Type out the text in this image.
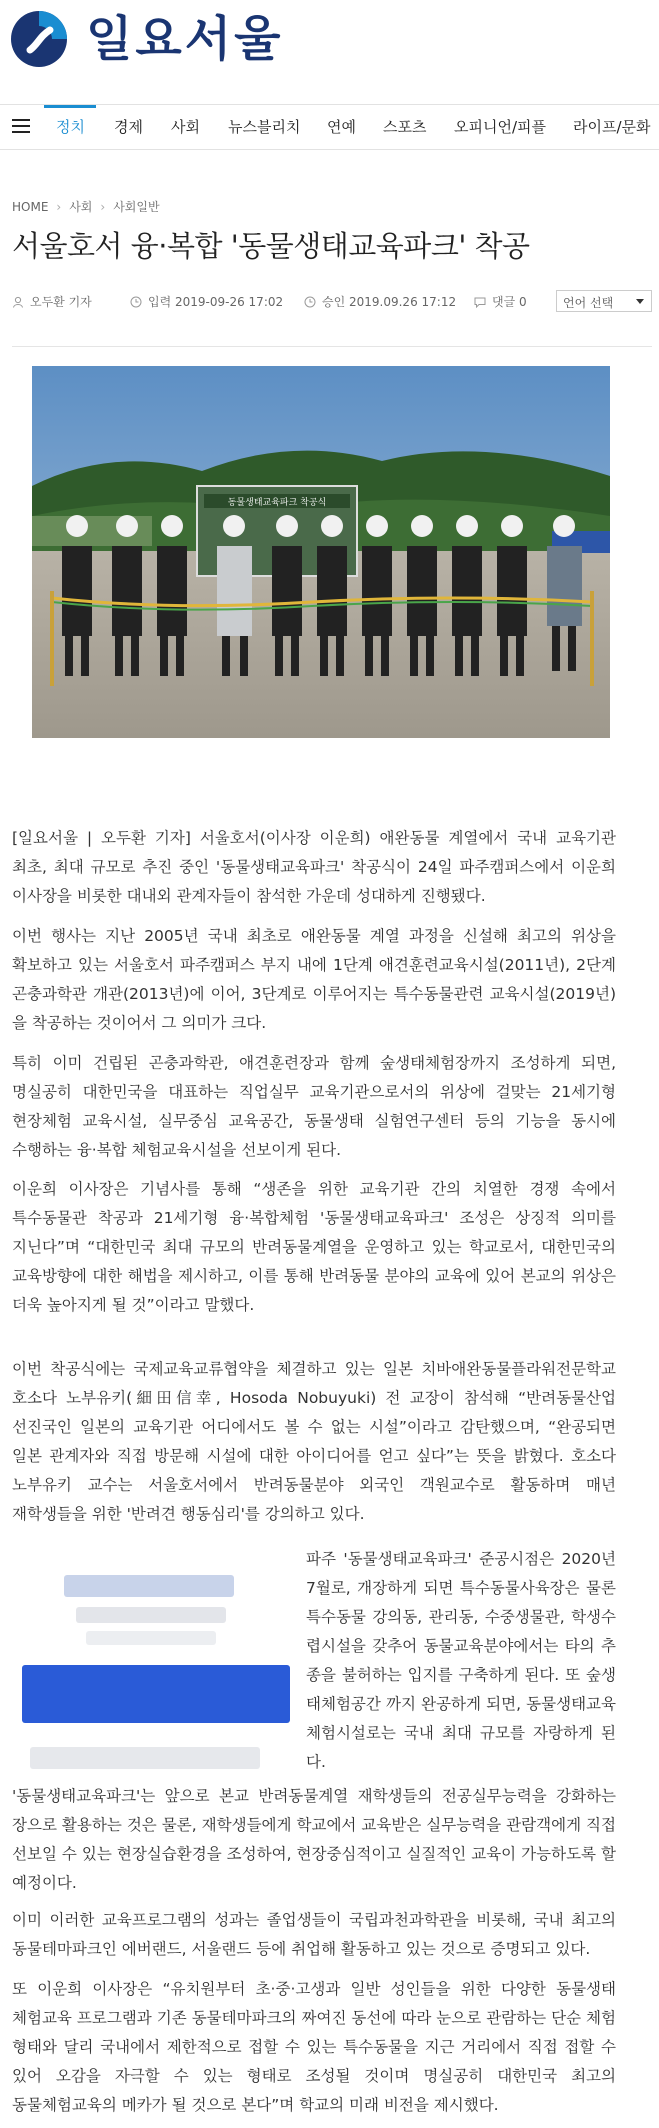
일요서울
정치 경제 사회 뉴스블리치 연예 스포츠 오피니언/피플 라이프/문화
HOME › 사회 › 사회일반
서울호서 융·복합 '동물생태교육파크' 착공
오두환 기자	입력 2019-09-26 17:02	승인 2019.09.26 17:12	댓글 0	언어 선택
동물생태교육파크 착공식

[일요서울 | 오두환 기자] 서울호서(이사장 이운희) 애완동물 계열에서 국내 교육기관 최초, 최대 규모로 추진 중인 '동물생태교육파크' 착공식이 24일 파주캠퍼스에서 이운희 이사장을 비롯한 대내외 관계자들이 참석한 가운데 성대하게 진행됐다.

이번 행사는 지난 2005년 국내 최초로 애완동물 계열 과정을 신설해 최고의 위상을 확보하고 있는 서울호서 파주캠퍼스 부지 내에 1단계 애견훈련교육시설(2011년), 2단계 곤충과학관 개관(2013년)에 이어, 3단계로 이루어지는 특수동물관련 교육시설(2019년)을 착공하는 것이어서 그 의미가 크다.

특히 이미 건립된 곤충과학관, 애견훈련장과 함께 숲생태체험장까지 조성하게 되면, 명실공히 대한민국을 대표하는 직업실무 교육기관으로서의 위상에 걸맞는 21세기형 현장체험 교육시설, 실무중심 교육공간, 동물생태 실험연구센터 등의 기능을 동시에 수행하는 융·복합 체험교육시설을 선보이게 된다.

이운희 이사장은 기념사를 통해 “생존을 위한 교육기관 간의 치열한 경쟁 속에서 특수동물관 착공과 21세기형 융·복합체험 '동물생태교육파크' 조성은 상징적 의미를 지닌다”며 “대한민국 최대 규모의 반려동물계열을 운영하고 있는 학교로서, 대한민국의 교육방향에 대한 해법을 제시하고, 이를 통해 반려동물 분야의 교육에 있어 본교의 위상은 더욱 높아지게 될 것”이라고 말했다.

이번 착공식에는 국제교육교류협약을 체결하고 있는 일본 치바애완동물플라워전문학교 호소다 노부유키(細田信幸, Hosoda Nobuyuki) 전 교장이 참석해 “반려동물산업 선진국인 일본의 교육기관 어디에서도 볼 수 없는 시설”이라고 감탄했으며, “완공되면 일본 관계자와 직접 방문해 시설에 대한 아이디어를 얻고 싶다”는 뜻을 밝혔다. 호소다 노부유키 교수는 서울호서에서 반려동물분야 외국인 객원교수로 활동하며 매년 재학생들을 위한 '반려견 행동심리'를 강의하고 있다.

파주 '동물생태교육파크' 준공시점은 2020년 7월로, 개장하게 되면 특수동물사육장은 물론 특수동물 강의동, 관리동, 수중생물관, 학생수렵시설을 갖추어 동물교육분야에서는 타의 추종을 불허하는 입지를 구축하게 된다. 또 숲생태체험공간 까지 완공하게 되면, 동물생태교육체험시설로는 국내 최대 규모를 자랑하게 된다.

'동물생태교육파크'는 앞으로 본교 반려동물계열 재학생들의 전공실무능력을 강화하는 장으로 활용하는 것은 물론, 재학생들에게 학교에서 교육받은 실무능력을 관람객에게 직접 선보일 수 있는 현장실습환경을 조성하여, 현장중심적이고 실질적인 교육이 가능하도록 할 예정이다.

이미 이러한 교육프로그램의 성과는 졸업생들이 국립과천과학관을 비롯해, 국내 최고의 동물테마파크인 에버랜드, 서울랜드 등에 취업해 활동하고 있는 것으로 증명되고 있다.

또 이운희 이사장은 “유치원부터 초·중·고생과 일반 성인들을 위한 다양한 동물생태 체험교육 프로그램과 기존 동물테마파크의 짜여진 동선에 따라 눈으로 관람하는 단순 체험 형태와 달리 국내에서 제한적으로 접할 수 있는 특수동물을 지근 거리에서 직접 접할 수 있어 오감을 자극할 수 있는 형태로 조성될 것이며 명실공히 대한민국 최고의 동물체험교육의 메카가 될 것으로 본다”며 학교의 미래 비전을 제시했다.
